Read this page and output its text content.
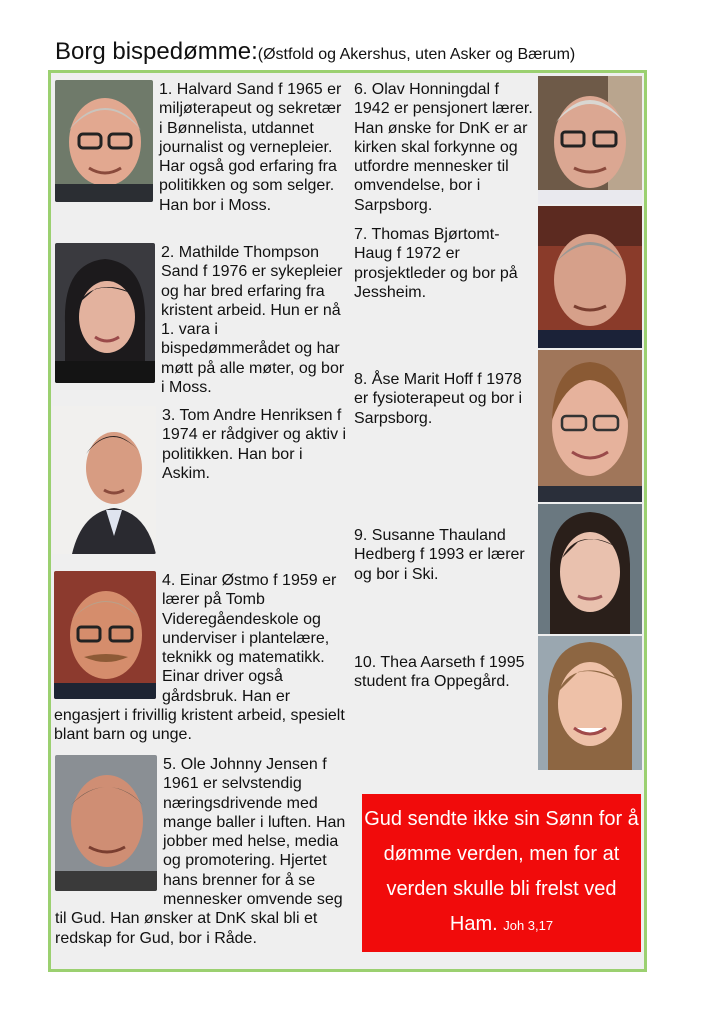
Borg bispedømme:(Østfold og Akershus, uten Asker og Bærum)

1. Halvard Sand f 1965 er miljøterapeut og sekretær i Bønnelista, utdannet journalist og vernepleier. Har også god erfaring fra politikken og som selger. Han bor i Moss.

2. Mathilde Thompson Sand f 1976 er sykepleier og har bred erfaring fra kristent arbeid. Hun er nå 1. vara i bispedømmerådet og har møtt på alle møter, og bor i Moss.

3. Tom Andre Henriksen f 1974 er rådgiver og aktiv i politikken. Han bor i Askim.

4. Einar Østmo f 1959 er lærer på Tomb Videregåendeskole og underviser i plantelære, teknikk og matematikk. Einar driver også gårdsbruk. Han er engasjert i frivillig kristent arbeid, spesielt blant barn og unge.

5. Ole Johnny Jensen f 1961 er selvstendig næringsdrivende med mange baller i luften. Han jobber med helse, media og promotering. Hjertet hans brenner for å se mennesker omvende seg til Gud. Han ønsker at DnK skal bli et redskap for Gud, bor i Råde.

6. Olav Honningdal f 1942 er pensjonert lærer. Han ønske for DnK er ar kirken skal forkynne og utfordre mennesker til omvendelse, bor i Sarpsborg.

7. Thomas Bjørtomt-Haug f 1972 er prosjektleder og bor på Jessheim.

8. Åse Marit Hoff f 1978 er fysioterapeut og bor i Sarpsborg.

9. Susanne Thauland Hedberg f 1993 er lærer og bor i Ski.

10. Thea Aarseth f 1995 student fra Oppegård.

Gud sendte ikke sin Sønn for å dømme verden, men for at verden skulle bli frelst ved Ham. Joh 3,17
